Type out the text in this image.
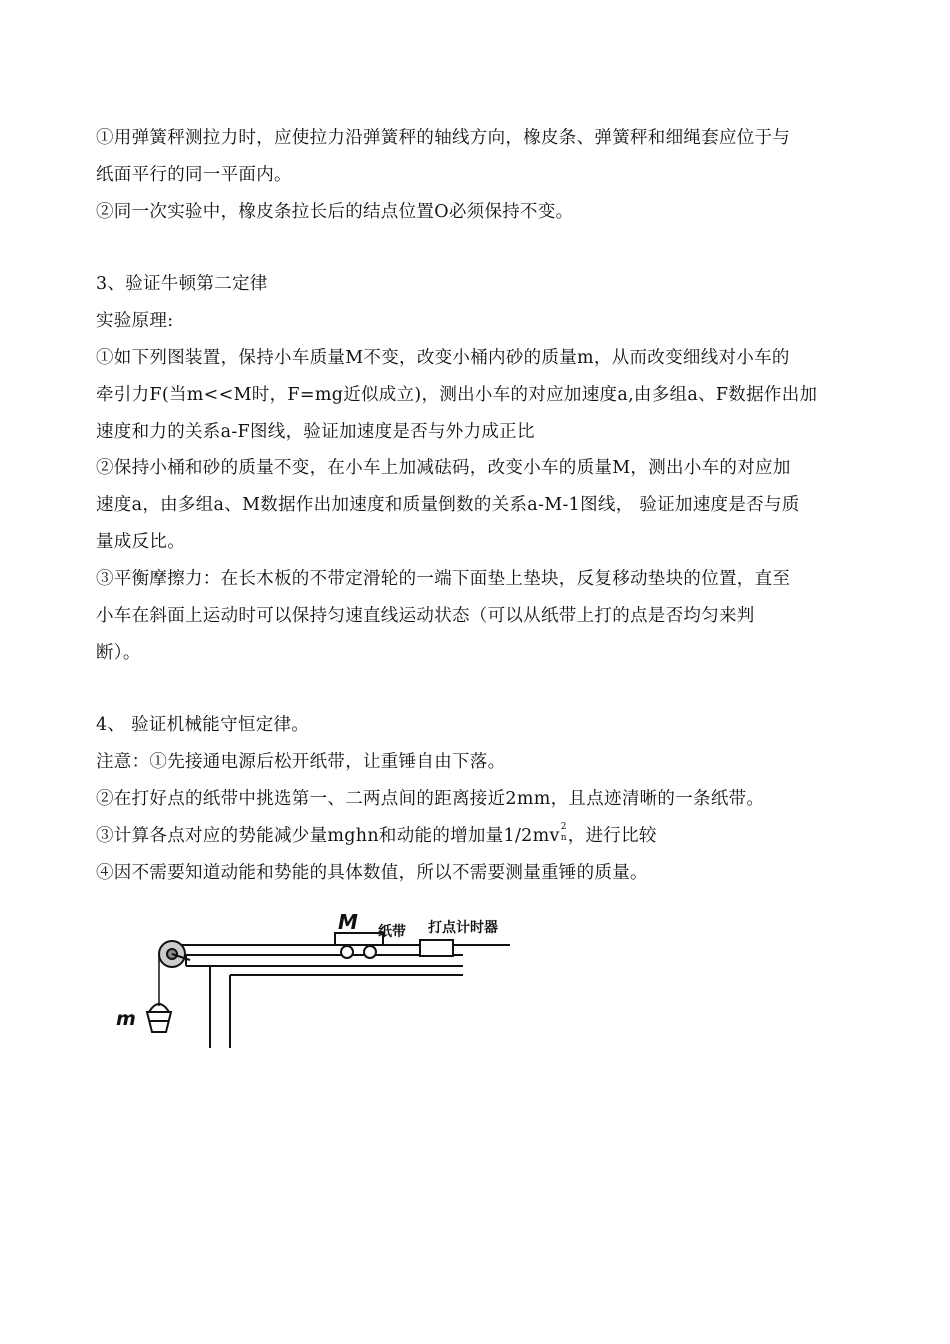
①用弹簧秤测拉力时，应使拉力沿弹簧秤的轴线方向，橡皮条、弹簧秤和细绳套应位于与
纸面平行的同一平面内。
②同一次实验中，橡皮条拉长后的结点位置O必须保持不变。
3、验证牛顿第二定律
实验原理:
①如下列图装置，保持小车质量M不变，改变小桶内砂的质量m，从而改变细线对小车的
牵引力F(当m<<M时，F=mg近似成立)，测出小车的对应加速度a,由多组a、F数据作出加
速度和力的关系a-F图线，验证加速度是否与外力成正比
②保持小桶和砂的质量不变，在小车上加减砝码，改变小车的质量M，测出小车的对应加
速度a，由多组a、M数据作出加速度和质量倒数的关系a-M-1图线， 验证加速度是否与质
量成反比。
③平衡摩擦力：在长木板的不带定滑轮的一端下面垫上垫块，反复移动垫块的位置，直至
小车在斜面上运动时可以保持匀速直线运动状态（可以从纸带上打的点是否均匀来判
断）。
4、 验证机械能守恒定律。
注意：①先接通电源后松开纸带，让重锤自由下落。
②在打好点的纸带中挑选第一、二两点间的距离接近2mm，且点迹清晰的一条纸带。
③计算各点对应的势能减少量mghn和动能的增加量1/2mv 2
n ，进行比较
④因不需要知道动能和势能的具体数值，所以不需要测量重锤的质量。
m
M 纸带 打点计时器
